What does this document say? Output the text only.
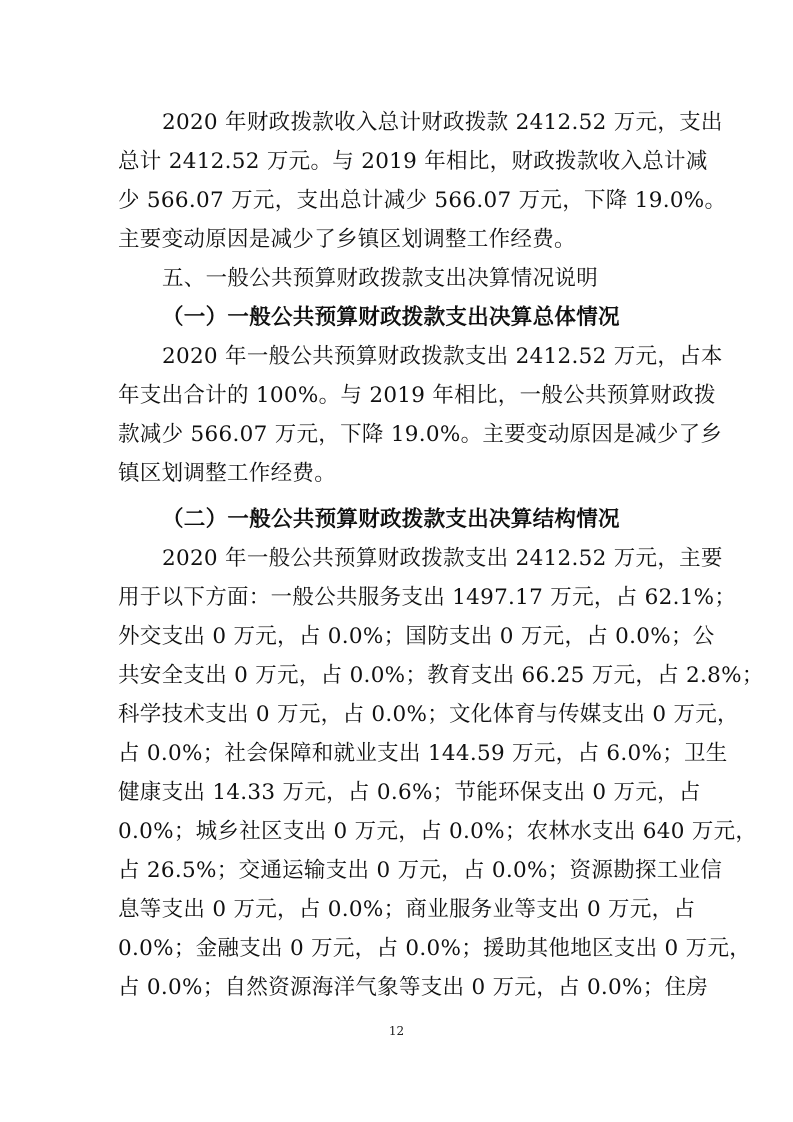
2020 年财政拨款收入总计财政拨款 2412.52 万元，支出
总计 2412.52 万元。与 2019 年相比，财政拨款收入总计减
少 566.07 万元，支出总计减少 566.07 万元，下降 19.0%。
主要变动原因是减少了乡镇区划调整工作经费。
五、一般公共预算财政拨款支出决算情况说明
（一）一般公共预算财政拨款支出决算总体情况
2020 年一般公共预算财政拨款支出 2412.52 万元，占本
年支出合计的 100%。与 2019 年相比，一般公共预算财政拨
款减少 566.07 万元，下降 19.0%。主要变动原因是减少了乡
镇区划调整工作经费。
（二）一般公共预算财政拨款支出决算结构情况
2020 年一般公共预算财政拨款支出 2412.52 万元，主要
用于以下方面：一般公共服务支出 1497.17 万元，占 62.1%；
外交支出 0 万元，占 0.0%；国防支出 0 万元，占 0.0%；公
共安全支出 0 万元，占 0.0%；教育支出 66.25 万元，占 2.8%；
科学技术支出 0 万元，占 0.0%；文化体育与传媒支出 0 万元，
占 0.0%；社会保障和就业支出 144.59 万元，占 6.0%；卫生
健康支出 14.33 万元，占 0.6%；节能环保支出 0 万元，占
0.0%；城乡社区支出 0 万元，占 0.0%；农林水支出 640 万元，
占 26.5%；交通运输支出 0 万元，占 0.0%；资源勘探工业信
息等支出 0 万元，占 0.0%；商业服务业等支出 0 万元，占
0.0%；金融支出 0 万元，占 0.0%；援助其他地区支出 0 万元，
占 0.0%；自然资源海洋气象等支出 0 万元，占 0.0%；住房
12
